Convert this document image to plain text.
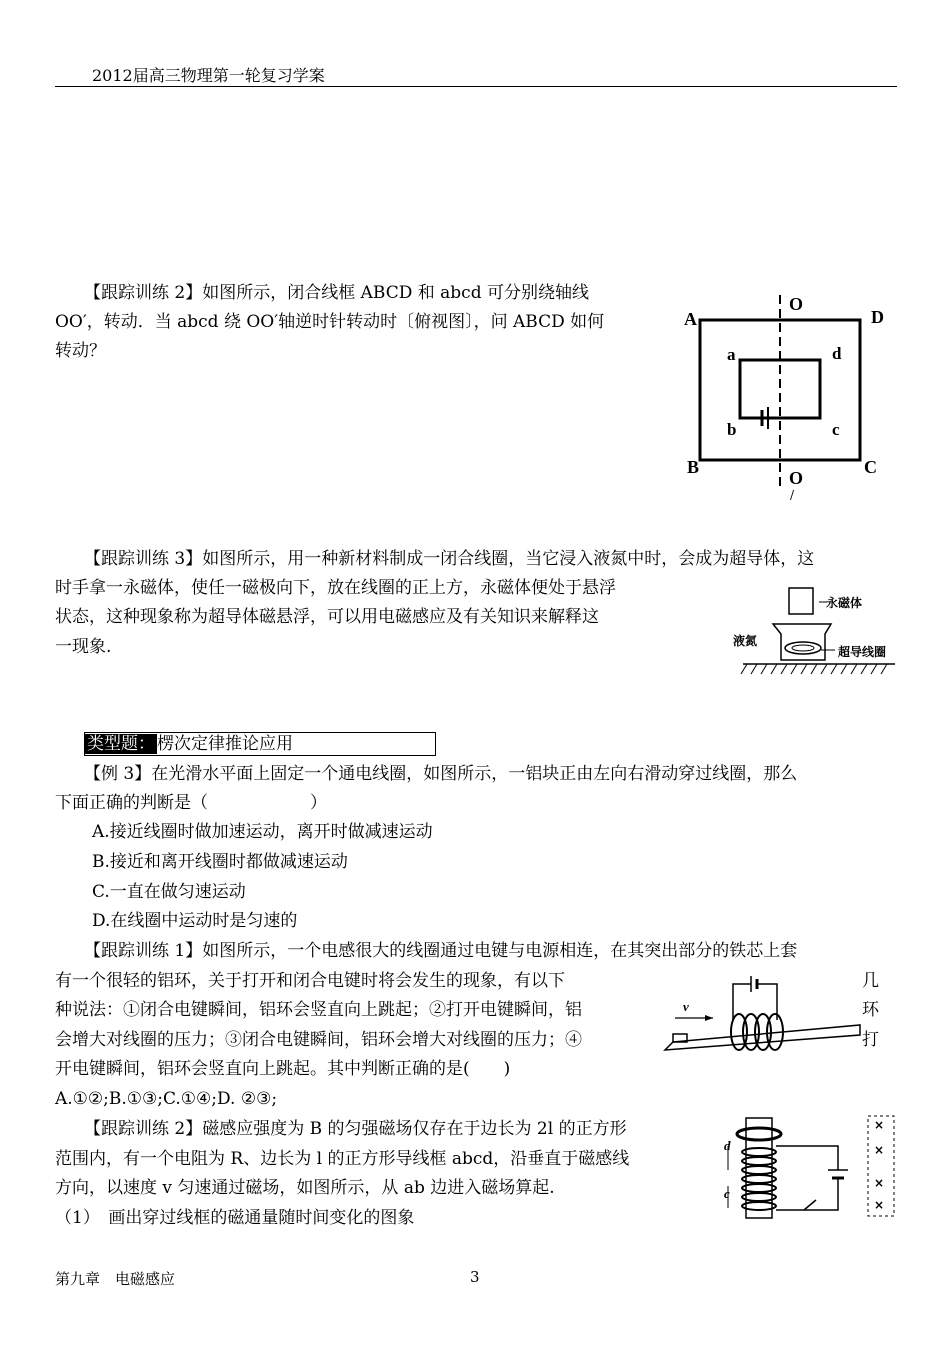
2012届高三物理第一轮复习学案
【跟踪训练 2】如图所示，闭合线框 ABCD 和 abcd 可分别绕轴线
OO′，转动．当 abcd 绕 OO′轴逆时针转动时〔俯视图〕，问 ABCD 如何
转动？
O
A	D
a	d
b	c
B	C
O
/
【跟踪训练 3】如图所示，用一种新材料制成一闭合线圈，当它浸入液氮中时，会成为超导体，这
时手拿一永磁体，使任一磁极向下，放在线圈的正上方，永磁体便处于悬浮
状态，这种现象称为超导体磁悬浮，可以用电磁感应及有关知识来解释这
一现象.
永磁体
液氮
超导线圈
类型题： 楞次定律推论应用
【例 3】在光滑水平面上固定一个通电线圈，如图所示，一铝块正由左向右滑动穿过线圈，那么
下面正确的判断是（　　　　　　）
A.接近线圈时做加速运动，离开时做减速运动
B.接近和离开线圈时都做减速运动
C.一直在做匀速运动
D.在线圈中运动时是匀速的
【跟踪训练 1】如图所示，一个电感很大的线圈通过电键与电源相连，在其突出部分的铁芯上套
有一个很轻的铝环，关于打开和闭合电键时将会发生的现象，有以下	几
种说法：①闭合电键瞬间，铝环会竖直向上跳起；②打开电键瞬间，铝	环
会增大对线圈的压力；③闭合电键瞬间，铝环会增大对线圈的压力；④	打
开电键瞬间，铝环会竖直向上跳起。其中判断正确的是(　　)
A.①②;B.①③;C.①④;D. ②③;
v
【跟踪训练 2】磁感应强度为 B 的匀强磁场仅存在于边长为 2l 的正方形
范围内，有一个电阻为 R、边长为 l 的正方形导线框 abcd，沿垂直于磁感线
方向，以速度 v 匀速通过磁场，如图所示，从 ab 边进入磁场算起.
（1）　画出穿过线框的磁通量随时间变化的图象
d
c
×
×
×
×
第九章　电磁感应	3
